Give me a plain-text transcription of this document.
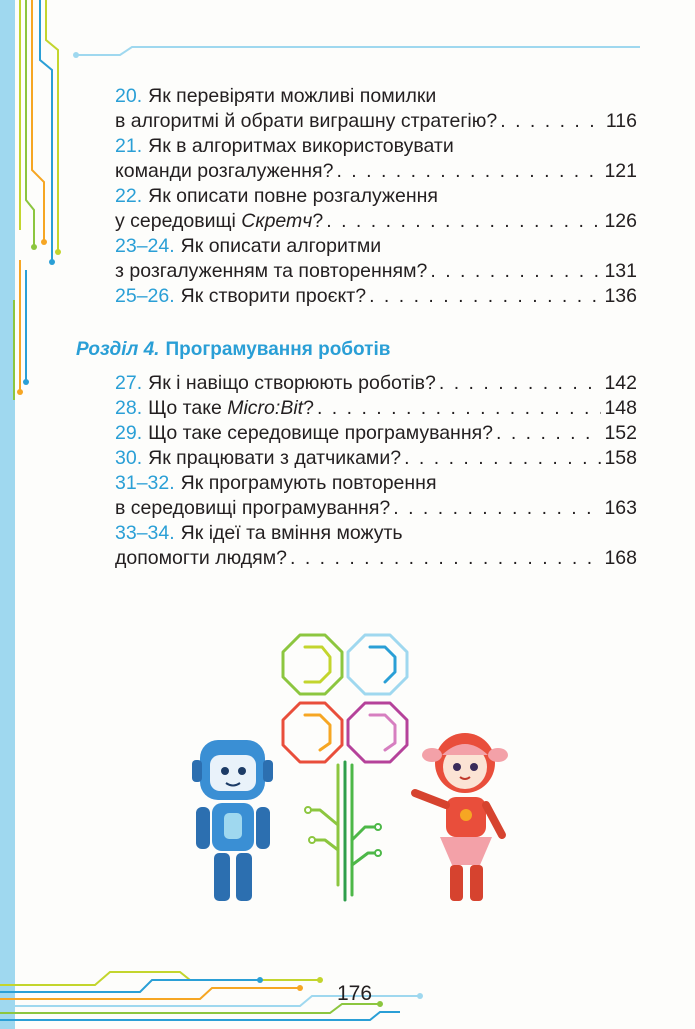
20. Як перевіряти можливі помилки
в алгоритмі й обрати виграшну стратегію? . . .	116
21. Як в алгоритмах використовувати
команди розгалуження? . . .	121
22. Як описати повне розгалуження
у середовищі Скретч ? . . .	126
23–24. Як описати алгоритми
з розгалуженням та повторенням? . . .	131
25–26. Як створити проєкт? . . .	136
Розділ 4. Програмування роботів
27. Як і навіщо створюють роботів? . . .	142
28. Що таке Micro:Bit ? . . .	148
29. Що таке середовище програмування? . . .	152
30. Як працювати з датчиками? . . .	158
31–32. Як програмують повторення
в середовищі програмування? . . .	163
33–34. Як ідеї та вміння можуть
допомогти людям? . . .	168
176
